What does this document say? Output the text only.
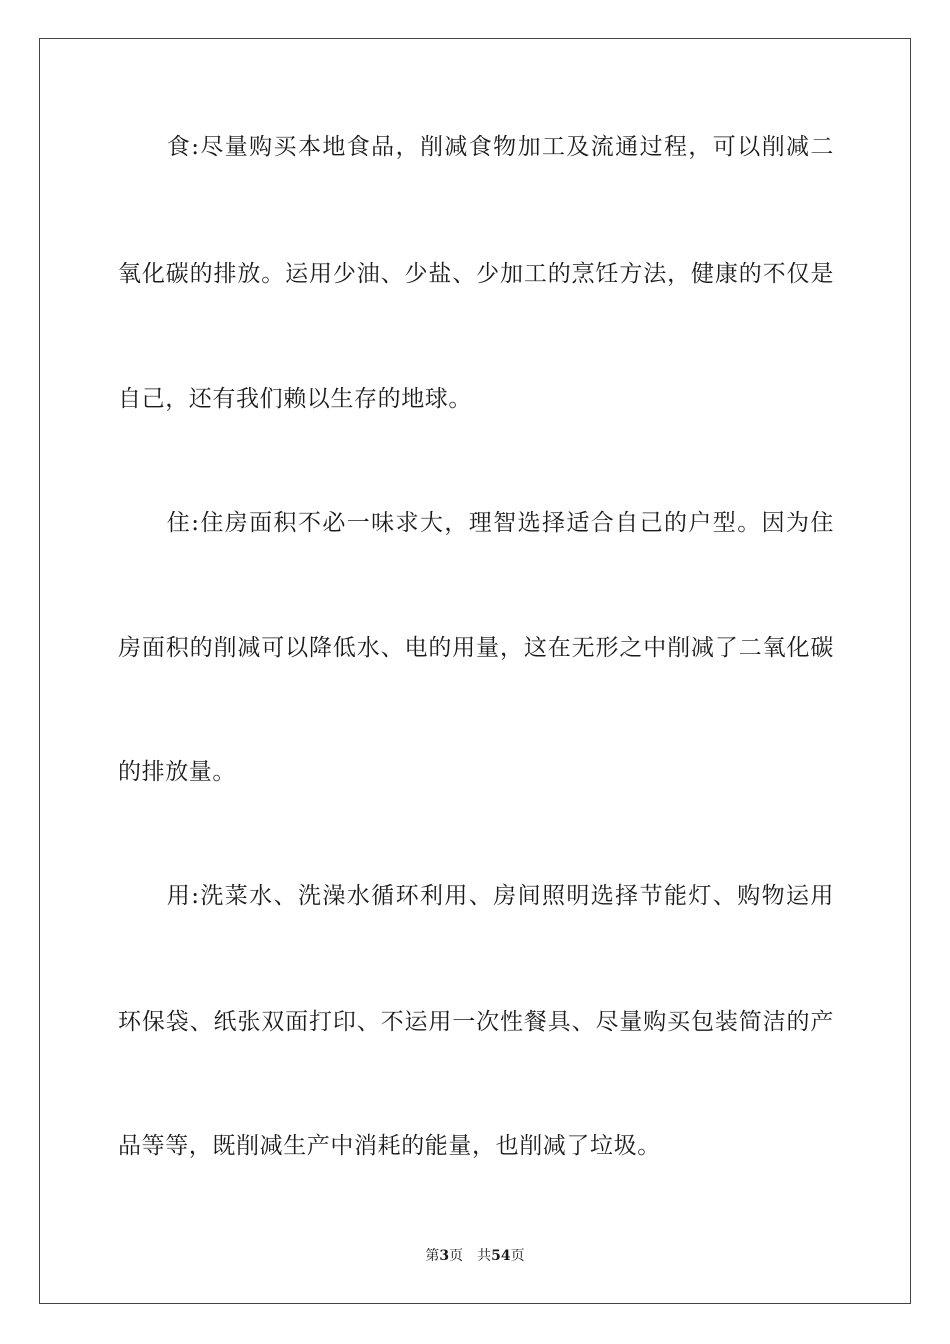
　　食:尽量购买本地食品，削减食物加工及流通过程，可以削减二
氧化碳的排放。运用少油、少盐、少加工的烹饪方法，健康的不仅是
自己，还有我们赖以生存的地球。
　　住:住房面积不必一味求大，理智选择适合自己的户型。因为住
房面积的削减可以降低水、电的用量，这在无形之中削减了二氧化碳
的排放量。
　　用:洗菜水、洗澡水循环利用、房间照明选择节能灯、购物运用
环保袋、纸张双面打印、不运用一次性餐具、尽量购买包装简洁的产
品等等，既削减生产中消耗的能量，也削减了垃圾。
第3页 共54页
